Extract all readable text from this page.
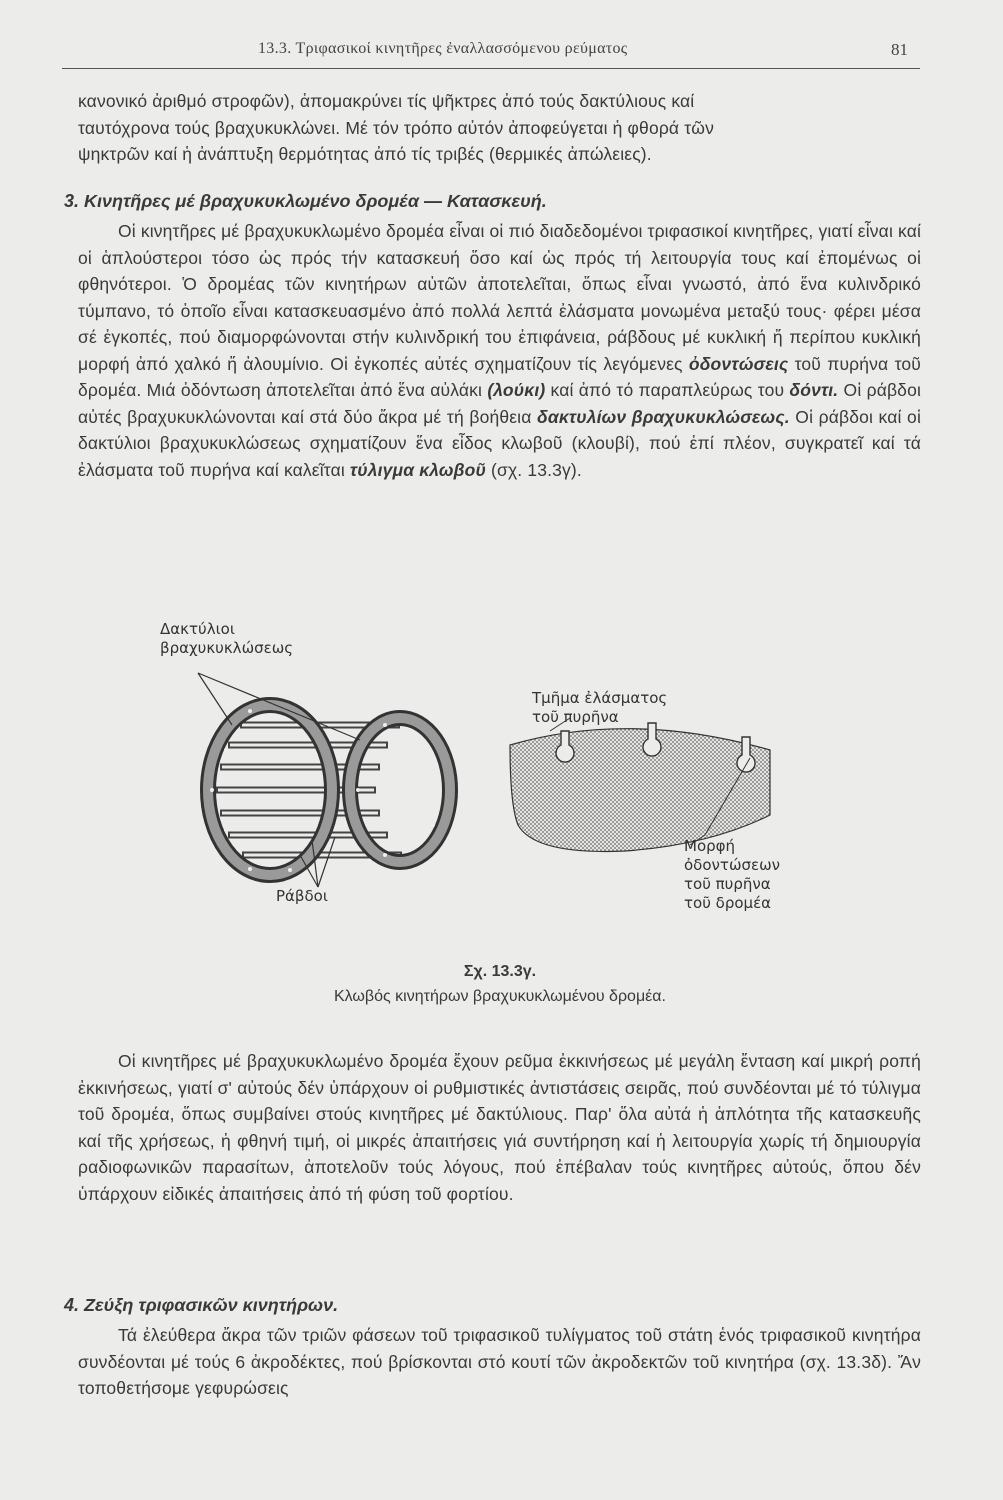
13.3. Τριφασικοί κινητῆρες ἐναλλασσόμενου ρεύματος	81

κανονικό ἀριθμό στροφῶν), ἀπομακρύνει τίς ψῆκτρες ἀπό τούς δακτύλιους καί

ταυτόχρονα τούς βραχυκυκλώνει. Μέ τόν τρόπο αὐτόν ἀποφεύγεται ἡ φθορά τῶν

ψηκτρῶν καί ἡ ἀνάπτυξη θερμότητας ἀπό τίς τριβές (θερμικές ἀπώλειες).

3. Κινητῆρες μέ βραχυκυκλωμένο δρομέα — Κατασκευή.
Οἱ κινητῆρες μέ βραχυκυκλωμένο δρομέα εἶναι οἱ πιό διαδεδομένοι τριφασικοί κινητῆρες, γιατί εἶναι καί οἱ ἁπλούστεροι τόσο ὡς πρός τήν κατασκευή ὅσο καί ὡς πρός τή λειτουργία τους καί ἐπομένως οἱ φθηνότεροι. Ὁ δρομέας τῶν κινητήρων αὐτῶν ἀποτελεῖται, ὅπως εἶναι γνωστό, ἀπό ἕνα κυλινδρικό τύμπανο, τό ὁποῖο εἶναι κατασκευασμένο ἀπό πολλά λεπτά ἐλάσματα μονωμένα μεταξύ τους· φέρει μέσα σέ ἐγκοπές, πού διαμορφώνονται στήν κυλινδρική του ἐπιφάνεια, ράβδους μέ κυκλική ἤ περίπου κυκλική μορφή ἀπό χαλκό ἤ ἀλουμίνιο. Οἱ ἐγκοπές αὐτές σχηματίζουν τίς λεγόμενες ὀδοντώσεις τοῦ πυρήνα τοῦ δρομέα. Μιά ὀδόντωση ἀποτελεῖται ἀπό ἕνα αὐλάκι (λούκι) καί ἀπό τό παραπλεύρως του δόντι. Οἱ ράβδοι αὐτές βραχυκυκλώνονται καί στά δύο ἄκρα μέ τή βοήθεια δακτυλίων βραχυκυκλώσεως. Οἱ ράβδοι καί οἱ δακτύλιοι βραχυκυκλώσεως σχηματίζουν ἕνα εἶδος κλωβοῦ (κλουβί), πού ἐπί πλέον, συγκρατεῖ καί τά ἐλάσματα τοῦ πυρήνα καί καλεῖται τύλιγμα κλωβοῦ (σχ. 13.3γ).
Δακτύλιοι
βραχυκυκλώσεως
Ράβδοι
Τμῆμα ἐλάσματος
τοῦ πυρῆνα
Μορφή
ὀδοντώσεων
τοῦ πυρῆνα
τοῦ δρομέα
Σχ. 13.3γ.
Κλωβός κινητήρων βραχυκυκλωμένου δρομέα.
Οἱ κινητῆρες μέ βραχυκυκλωμένο δρομέα ἔχουν ρεῦμα ἐκκινήσεως μέ μεγάλη ἔνταση καί μικρή ροπή ἐκκινήσεως, γιατί σ' αὐτούς δέν ὑπάρχουν οἱ ρυθμιστικές ἀντιστάσεις σειρᾶς, πού συνδέονται μέ τό τύλιγμα τοῦ δρομέα, ὅπως συμβαίνει στούς κινητῆρες μέ δακτύλιους. Παρ' ὅλα αὐτά ἡ ἁπλότητα τῆς κατασκευῆς καί τῆς χρήσεως, ἡ φθηνή τιμή, οἱ μικρές ἀπαιτήσεις γιά συντήρηση καί ἡ λειτουργία χωρίς τή δημιουργία ραδιοφωνικῶν παρασίτων, ἀποτελοῦν τούς λόγους, πού ἐπέβαλαν τούς κινητῆρες αὐτούς, ὅπου δέν ὑπάρχουν εἰδικές ἀπαιτήσεις ἀπό τή φύση τοῦ φορτίου.
4. Ζεύξη τριφασικῶν κινητήρων.
Τά ἐλεύθερα ἄκρα τῶν τριῶν φάσεων τοῦ τριφασικοῦ τυλίγματος τοῦ στάτη ἑνός τριφασικοῦ κινητήρα συνδέονται μέ τούς 6 ἀκροδέκτες, πού βρίσκονται στό κουτί τῶν ἀκροδεκτῶν τοῦ κινητήρα (σχ. 13.3δ). Ἄν τοποθετήσομε γεφυρώσεις
